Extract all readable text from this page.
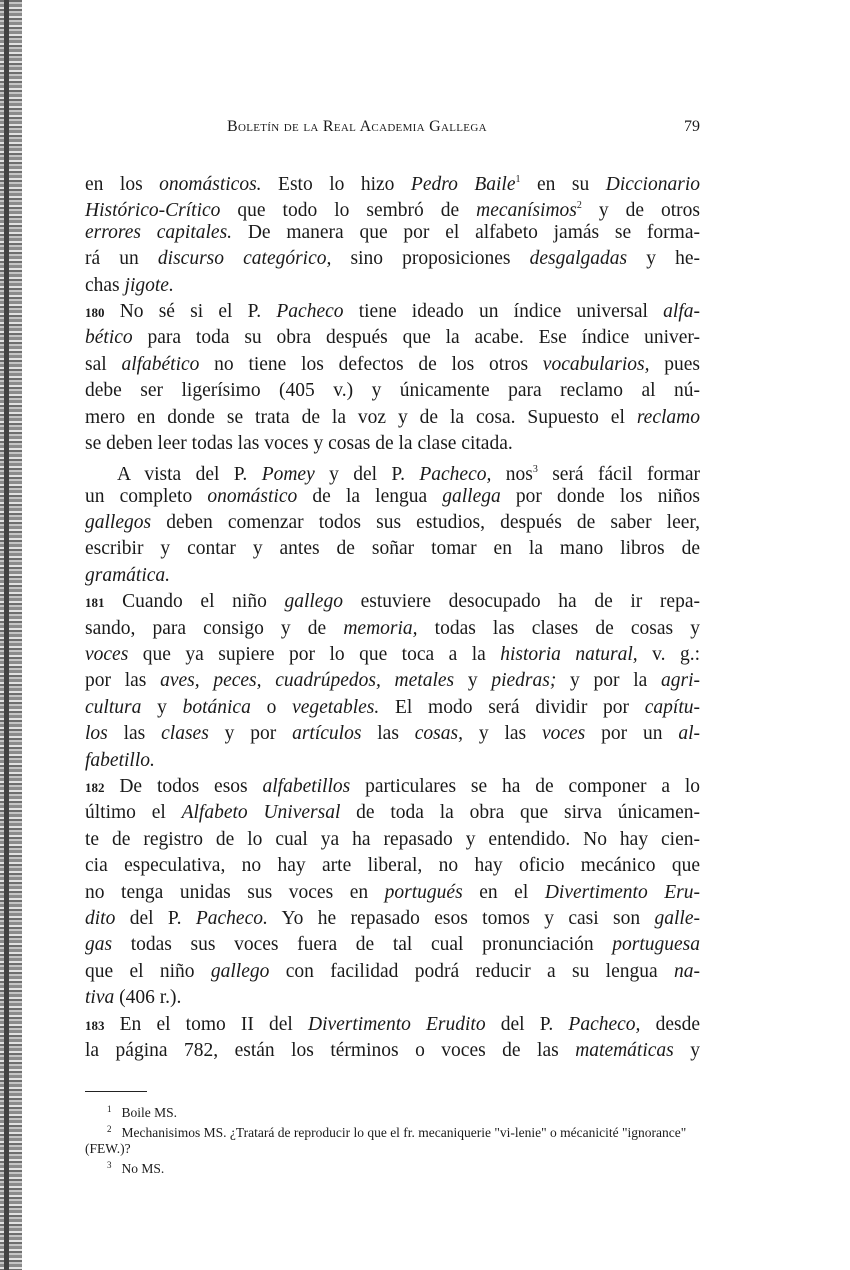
Boletín de la Real Academia Gallega	79
en los onomásticos. Esto lo hizo Pedro Baile$^1$ en su Diccionario
Histórico-Crítico que todo lo sembró de mecanísimos$^2$ y de otros
errores capitales. De manera que por el alfabeto jamás se forma-
rá un discurso categórico, sino proposiciones desgalgadas y he-
chas jigote.
180 No sé si el P. Pacheco tiene ideado un índice universal alfa-
bético para toda su obra después que la acabe. Ese índice univer-
sal alfabético no tiene los defectos de los otros vocabularios, pues
debe ser ligerísimo (405 v.) y únicamente para reclamo al nú-
mero en donde se trata de la voz y de la cosa. Supuesto el reclamo
se deben leer todas las voces y cosas de la clase citada.
A vista del P. Pomey y del P. Pacheco, nos$^3$ será fácil formar
un completo onomástico de la lengua gallega por donde los niños
gallegos deben comenzar todos sus estudios, después de saber leer,
escribir y contar y antes de soñar tomar en la mano libros de
gramática.
181 Cuando el niño gallego estuviere desocupado ha de ir repa-
sando, para consigo y de memoria, todas las clases de cosas y
voces que ya supiere por lo que toca a la historia natural, v. g.:
por las aves, peces, cuadrúpedos, metales y piedras; y por la agri-
cultura y botánica o vegetables. El modo será dividir por capítu-
los las clases y por artículos las cosas, y las voces por un al-
fabetillo.
182 De todos esos alfabetillos particulares se ha de componer a lo
último el Alfabeto Universal de toda la obra que sirva únicamen-
te de registro de lo cual ya ha repasado y entendido. No hay cien-
cia especulativa, no hay arte liberal, no hay oficio mecánico que
no tenga unidas sus voces en portugués en el Divertimento Eru-
dito del P. Pacheco. Yo he repasado esos tomos y casi son galle-
gas todas sus voces fuera de tal cual pronunciación portuguesa
que el niño gallego con facilidad podrá reducir a su lengua na-
tiva (406 r.).
183 En el tomo II del Divertimento Erudito del P. Pacheco, desde
la página 782, están los términos o voces de las matemáticas y
$^1$ Boile MS.
$^2$ Mechanisimos MS. ¿Tratará de reproducir lo que el fr. mecaniquerie "vi-lenie" o mécanicité "ignorance" (FEW.)?
$^3$ No MS.
